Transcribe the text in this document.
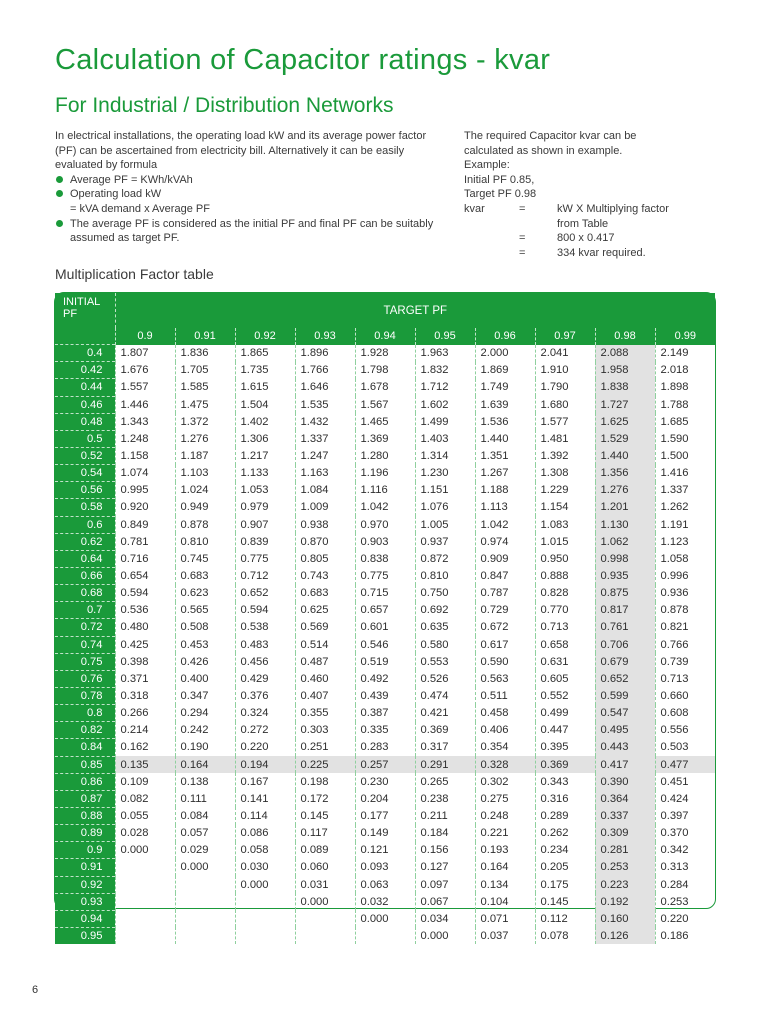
Calculation of Capacitor ratings - kvar
For Industrial / Distribution Networks

In electrical installations, the operating load kW and its average power factor (PF) can be ascertained from electricity bill. Alternatively it can be easily evaluated by formula

Average PF = KWh/kVAh
Operating load kW
= kVA demand x Average PF
The average PF is considered as the initial PF and final PF can be suitably assumed as target PF.
The required Capacitor kvar can be
calculated as shown in example.
Example:
Initial PF 0.85,
Target PF 0.98
kvar	=	kW X Multiplying factor
from Table
=	800 x 0.417
=	334 kvar required.
Multiplication Factor table
INITIAL PF	TARGET PF									
	0.9	0.91	0.92	0.93	0.94	0.95	0.96	0.97	0.98	0.99
0.4	1.807	1.836	1.865	1.896	1.928	1.963	2.000	2.041	2.088	2.149
0.42	1.676	1.705	1.735	1.766	1.798	1.832	1.869	1.910	1.958	2.018
0.44	1.557	1.585	1.615	1.646	1.678	1.712	1.749	1.790	1.838	1.898
0.46	1.446	1.475	1.504	1.535	1.567	1.602	1.639	1.680	1.727	1.788
0.48	1.343	1.372	1.402	1.432	1.465	1.499	1.536	1.577	1.625	1.685
0.5	1.248	1.276	1.306	1.337	1.369	1.403	1.440	1.481	1.529	1.590
0.52	1.158	1.187	1.217	1.247	1.280	1.314	1.351	1.392	1.440	1.500
0.54	1.074	1.103	1.133	1.163	1.196	1.230	1.267	1.308	1.356	1.416
0.56	0.995	1.024	1.053	1.084	1.116	1.151	1.188	1.229	1.276	1.337
0.58	0.920	0.949	0.979	1.009	1.042	1.076	1.113	1.154	1.201	1.262
0.6	0.849	0.878	0.907	0.938	0.970	1.005	1.042	1.083	1.130	1.191
0.62	0.781	0.810	0.839	0.870	0.903	0.937	0.974	1.015	1.062	1.123
0.64	0.716	0.745	0.775	0.805	0.838	0.872	0.909	0.950	0.998	1.058
0.66	0.654	0.683	0.712	0.743	0.775	0.810	0.847	0.888	0.935	0.996
0.68	0.594	0.623	0.652	0.683	0.715	0.750	0.787	0.828	0.875	0.936
0.7	0.536	0.565	0.594	0.625	0.657	0.692	0.729	0.770	0.817	0.878
0.72	0.480	0.508	0.538	0.569	0.601	0.635	0.672	0.713	0.761	0.821
0.74	0.425	0.453	0.483	0.514	0.546	0.580	0.617	0.658	0.706	0.766
0.75	0.398	0.426	0.456	0.487	0.519	0.553	0.590	0.631	0.679	0.739
0.76	0.371	0.400	0.429	0.460	0.492	0.526	0.563	0.605	0.652	0.713
0.78	0.318	0.347	0.376	0.407	0.439	0.474	0.511	0.552	0.599	0.660
0.8	0.266	0.294	0.324	0.355	0.387	0.421	0.458	0.499	0.547	0.608
0.82	0.214	0.242	0.272	0.303	0.335	0.369	0.406	0.447	0.495	0.556
0.84	0.162	0.190	0.220	0.251	0.283	0.317	0.354	0.395	0.443	0.503
0.85	0.135	0.164	0.194	0.225	0.257	0.291	0.328	0.369	0.417	0.477
0.86	0.109	0.138	0.167	0.198	0.230	0.265	0.302	0.343	0.390	0.451
0.87	0.082	0.111	0.141	0.172	0.204	0.238	0.275	0.316	0.364	0.424
0.88	0.055	0.084	0.114	0.145	0.177	0.211	0.248	0.289	0.337	0.397
0.89	0.028	0.057	0.086	0.117	0.149	0.184	0.221	0.262	0.309	0.370
0.9	0.000	0.029	0.058	0.089	0.121	0.156	0.193	0.234	0.281	0.342
0.91		0.000	0.030	0.060	0.093	0.127	0.164	0.205	0.253	0.313
0.92			0.000	0.031	0.063	0.097	0.134	0.175	0.223	0.284
0.93				0.000	0.032	0.067	0.104	0.145	0.192	0.253
0.94					0.000	0.034	0.071	0.112	0.160	0.220
0.95						0.000	0.037	0.078	0.126	0.186
6
